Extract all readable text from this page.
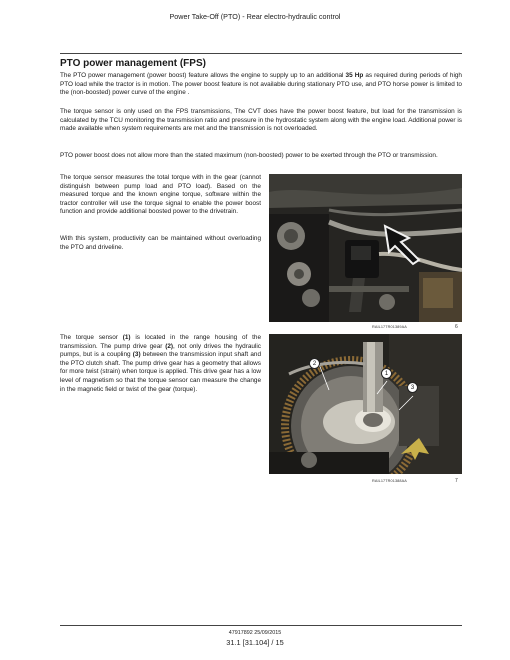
Power Take-Off (PTO) - Rear electro-hydraulic control
PTO power management (FPS)

The PTO power management (power boost) feature allows the engine to supply up to an additional 35 Hp as required during periods of high PTO load while the tractor is in motion. The power boost feature is not available during stationary PTO use, and PTO horse power is limited to the (non-boosted) power curve of the engine .

The torque sensor is only used on the FPS transmissions, The CVT does have the power boost feature, but load for the transmission is calculated by the TCU monitoring the transmission ratio and pressure in the hydrostatic system along with the engine load. Additional power is made available when system requirements are met and the transmission is not overloaded.

PTO power boost does not allow more than the stated maximum (non-boosted) power to be exerted through the PTO or transmission.

The torque sensor measures the total torque with in the gear (cannot distinguish between pump load and PTO load). Based on the measured torque and the known engine torque, software within the tractor controller will use the torque signal to enable the power boost function and provide additional boosted power to the drivetrain.

With this system, productivity can be maintained without overloading the PTO and driveline.

The torque sensor (1) is located in the range housing of the transmission. The pump drive gear (2), not only drives the hydraulic pumps, but is a coupling (3) between the transmission input shaft and the PTO clutch shaft. The pump drive gear has a geometry that allows for more twist (strain) when torque is applied. This drive gear has a low level of magnetism so that the torque sensor can measure the change in the magnetic field or twist of the gear (torque).

RAIL17TR01389AA	6
2
1
3
RAIL17TR01388AA	7
47917892 25/09/2015
31.1 [31.104] / 15
